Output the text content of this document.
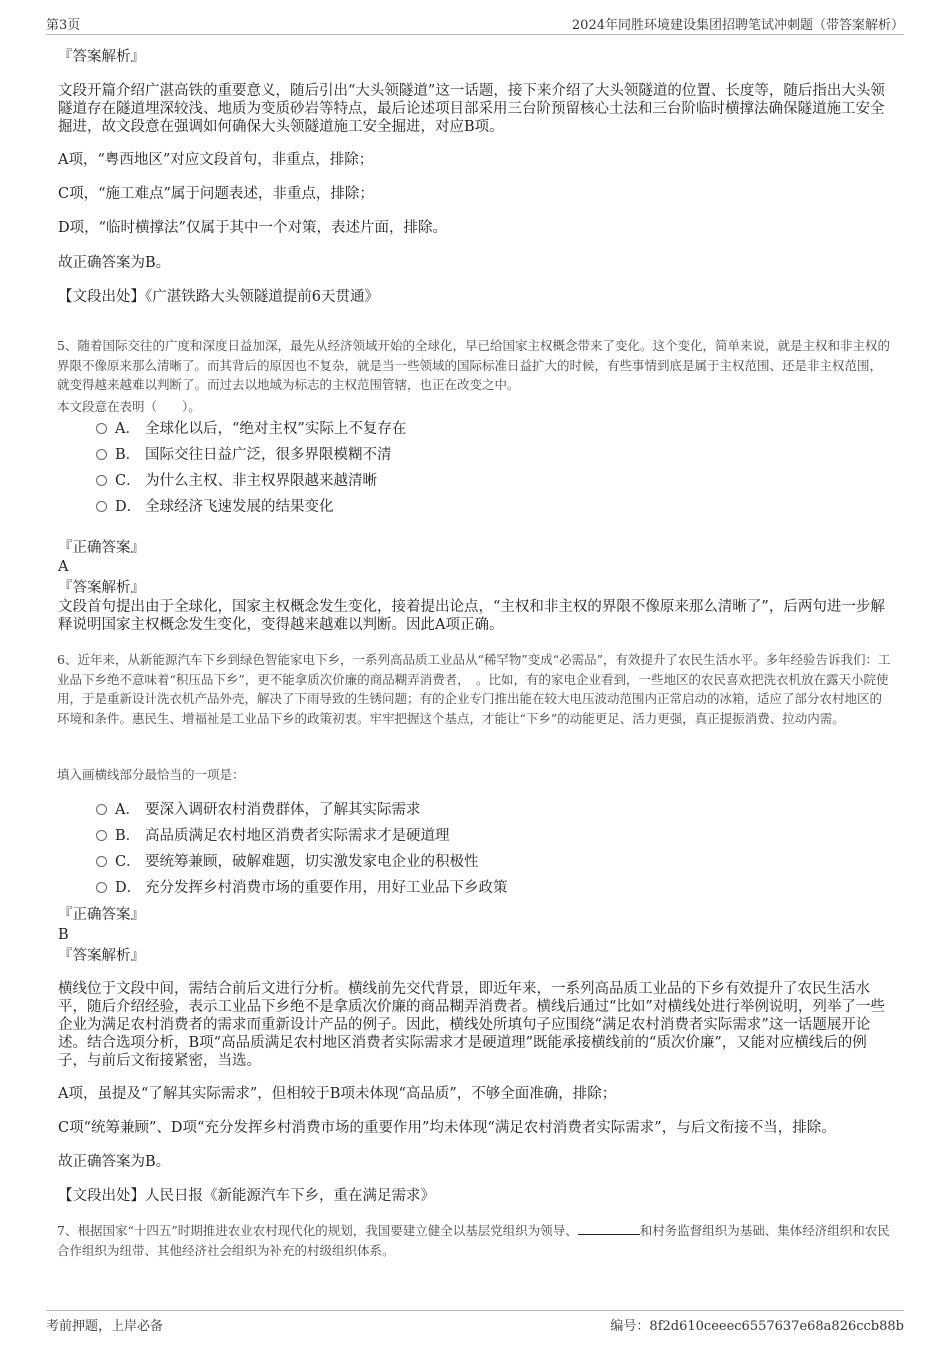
第3页	2024年同胜环境建设集团招聘笔试冲刺题（带答案解析）
『答案解析』
文段开篇介绍广湛高铁的重要意义，随后引出“大头领隧道”这一话题，接下来介绍了大头领隧道的位置、长度等，随后指出大头领隧道存在隧道埋深较浅、地质为变质砂岩等特点，最后论述项目部采用三台阶预留核心土法和三台阶临时横撑法确保隧道施工安全掘进，故文段意在强调如何确保大头领隧道施工安全掘进，对应B项。
A项，“粤西地区”对应文段首句，非重点，排除；
C项，“施工难点”属于问题表述，非重点，排除；
D项，“临时横撑法”仅属于其中一个对策，表述片面，排除。
故正确答案为B。
【文段出处】《广湛铁路大头领隧道提前6天贯通》
5、随着国际交往的广度和深度日益加深，最先从经济领域开始的全球化，早已给国家主权概念带来了变化。这个变化，简单来说，就是主权和非主权的界限不像原来那么清晰了。而其背后的原因也不复杂，就是当一些领域的国际标准日益扩大的时候，有些事情到底是属于主权范围、还是非主权范围，就变得越来越难以判断了。而过去以地域为标志的主权范围管辖，也正在改变之中。
本文段意在表明（　　）。
A． 全球化以后，“绝对主权”实际上不复存在
B． 国际交往日益广泛，很多界限模糊不清
C． 为什么主权、非主权界限越来越清晰
D． 全球经济飞速发展的结果变化
『正确答案』
A
『答案解析』
文段首句提出由于全球化，国家主权概念发生变化，接着提出论点，“主权和非主权的界限不像原来那么清晰了”，后两句进一步解释说明国家主权概念发生变化，变得越来越难以判断。因此A项正确。
6、近年来，从新能源汽车下乡到绿色智能家电下乡，一系列高品质工业品从“稀罕物”变成“必需品”，有效提升了农民生活水平。多年经验告诉我们：工业品下乡绝不意味着“积压品下乡”，更不能拿质次价廉的商品糊弄消费者，　。比如，有的家电企业看到，一些地区的农民喜欢把洗衣机放在露天小院使用，于是重新设计洗衣机产品外壳，解决了下雨导致的生锈问题；有的企业专门推出能在较大电压波动范围内正常启动的冰箱，适应了部分农村地区的环境和条件。惠民生、增福祉是工业品下乡的政策初衷。牢牢把握这个基点，才能让“下乡”的动能更足、活力更强，真正提振消费、拉动内需。
填入画横线部分最恰当的一项是：
A． 要深入调研农村消费群体，了解其实际需求
B． 高品质满足农村地区消费者实际需求才是硬道理
C． 要统筹兼顾，破解难题，切实激发家电企业的积极性
D． 充分发挥乡村消费市场的重要作用，用好工业品下乡政策
『正确答案』
B
『答案解析』
横线位于文段中间，需结合前后文进行分析。横线前先交代背景，即近年来，一系列高品质工业品的下乡有效提升了农民生活水平，随后介绍经验，表示工业品下乡绝不是拿质次价廉的商品糊弄消费者。横线后通过“比如”对横线处进行举例说明，列举了一些企业为满足农村消费者的需求而重新设计产品的例子。因此，横线处所填句子应围绕“满足农村消费者实际需求”这一话题展开论述。结合选项分析，B项“高品质满足农村地区消费者实际需求才是硬道理”既能承接横线前的“质次价廉”，又能对应横线后的例子，与前后文衔接紧密，当选。
A项，虽提及“了解其实际需求”，但相较于B项未体现“高品质”，不够全面准确，排除；
C项“统筹兼顾”、D项“充分发挥乡村消费市场的重要作用”均未体现“满足农村消费者实际需求”，与后文衔接不当，排除。
故正确答案为B。
【文段出处】人民日报《新能源汽车下乡，重在满足需求》
7、根据国家“十四五”时期推进农业农村现代化的规划，我国要建立健全以基层党组织为领导、	和村务监督组织为基础、集体经济组织和农民合作组织为纽带、其他经济社会组织为补充的村级组织体系。
考前押题，上岸必备	编号：8f2d610ceeec6557637e68a826ccb88b
